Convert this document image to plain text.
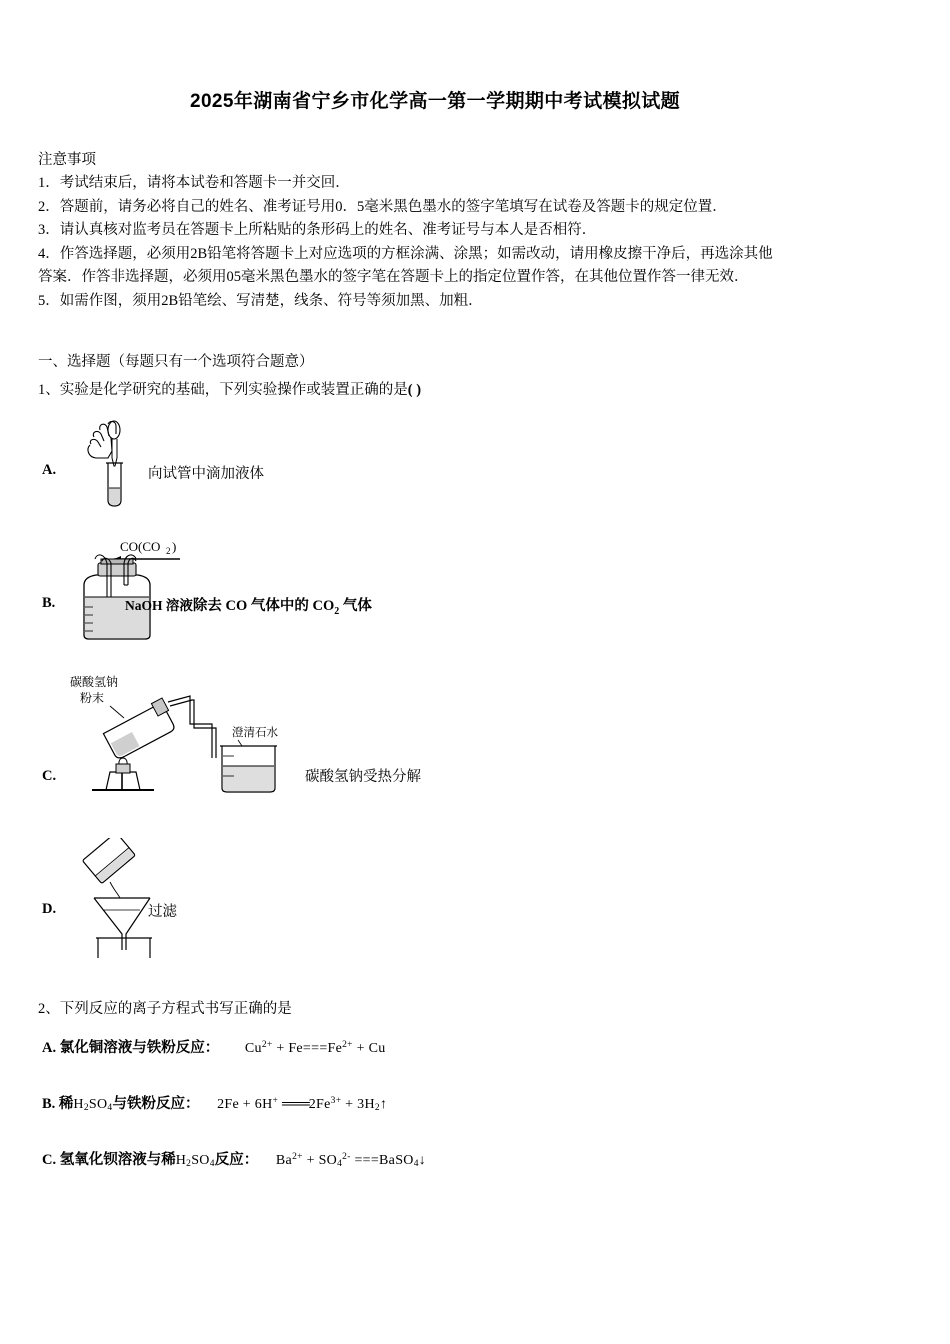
2025年湖南省宁乡市化学高一第一学期期中考试模拟试题
注意事项
1．考试结束后，请将本试卷和答题卡一并交回．
2．答题前，请务必将自己的姓名、准考证号用0．5毫米黑色墨水的签字笔填写在试卷及答题卡的规定位置．
3．请认真核对监考员在答题卡上所粘贴的条形码上的姓名、准考证号与本人是否相符．
4．作答选择题，必须用2B铅笔将答题卡上对应选项的方框涂满、涂黑；如需改动，请用橡皮擦干净后，再选涂其他
答案．作答非选择题，必须用05毫米黑色墨水的签字笔在答题卡上的指定位置作答，在其他位置作答一律无效．
5．如需作图，须用2B铅笔绘、写清楚，线条、符号等须加黑、加粗．
一、选择题（每题只有一个选项符合题意）
1、实验是化学研究的基础，下列实验操作或装置正确的是( )
A.	向试管中滴加液体
B.
CO(CO 2 )
NaOH 溶液除去 CO 气体中的 $CO_2$ 气体
C.
碳酸氢钠
粉末
澄清石水
碳酸氢钠受热分解
D.	过滤
2、下列反应的离子方程式书写正确的是
A. 氯化铜溶液与铁粉反应： $Cu^{2+} + Fe===Fe^{2+} + Cu$
B. 稀$H_2SO_4$与铁粉反应： 2Fe + 6H+ $═══2Fe^{3+}$ + $3H_2↑$
C. 氢氧化钡溶液与稀$H_2SO_4$反应： $Ba^{2+} + SO_4^{2-}$ ===BaSO$_4$↓
